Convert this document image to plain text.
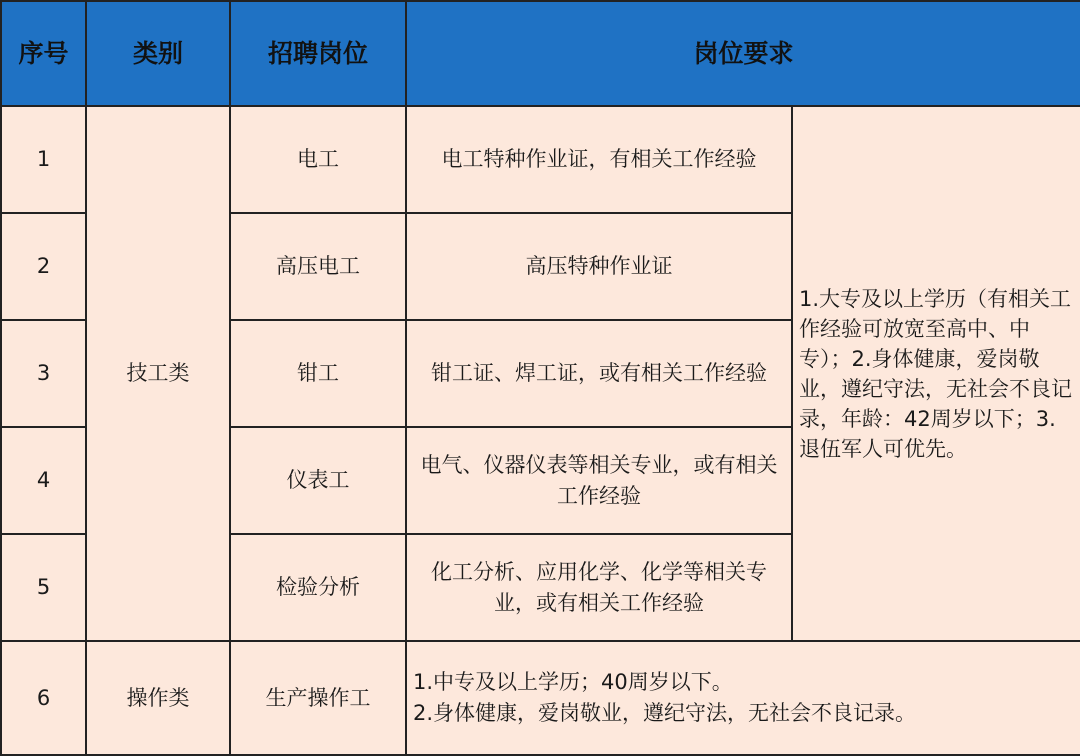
序号	类别	招聘岗位	岗位要求	
1	技工类	电工	电工特种作业证，有相关工作经验	1.大专及以上学历（有相关工作经验可放宽至高中、中专）；2.身体健康，爱岗敬业，遵纪守法，无社会不良记录，年龄：42周岁以下；3.退伍军人可优先。
2		高压电工	高压特种作业证	
3		钳工	钳工证、焊工证，或有相关工作经验	
4		仪表工	电气、仪器仪表等相关专业，或有相关工作经验	
5		检验分析	化工分析、应用化学、化学等相关专业，或有相关工作经验	
6	操作类	生产操作工	1.中专及以上学历；40周岁以下。
2.身体健康，爱岗敬业，遵纪守法，无社会不良记录。	
